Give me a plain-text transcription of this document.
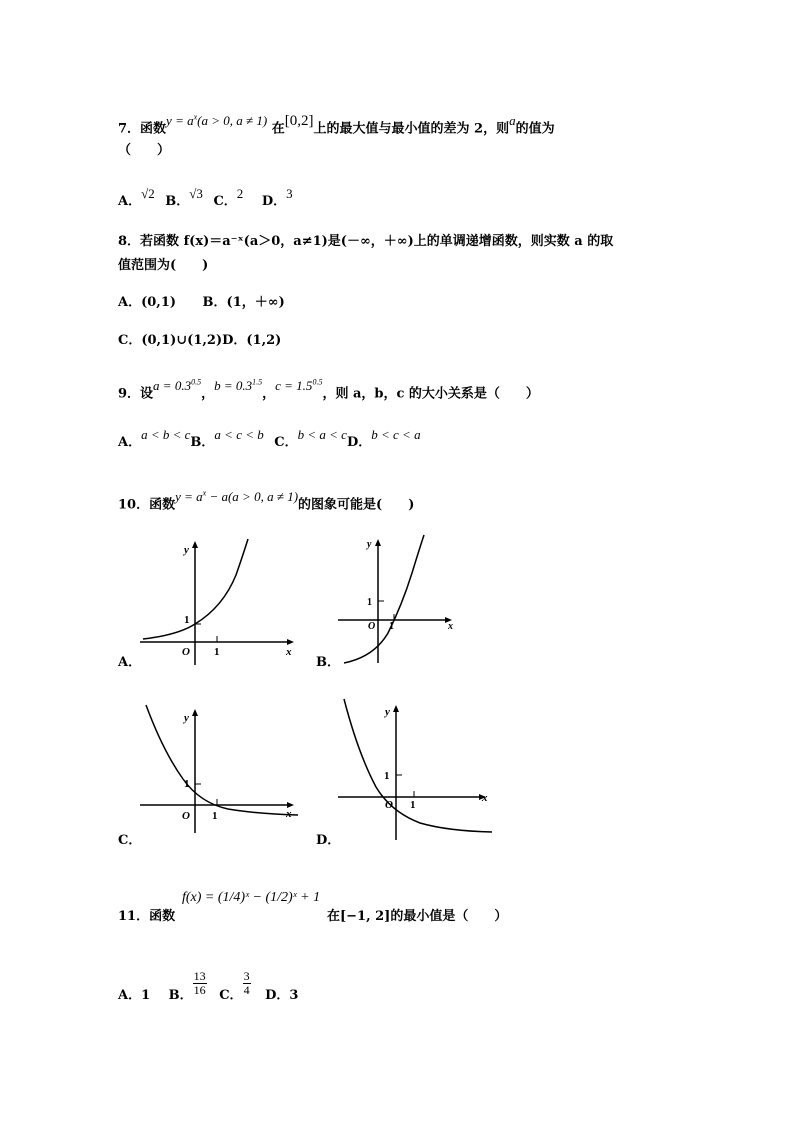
7．函数$y = a^x(a > 0$, a ≠ 1) 在[0,2]上的最大值与最小值的差为 2，则a的值为
（　　）
A．√2 B．√3 C．2 D．3
8．若函数 f(x)＝a⁻ˣ(a＞0，a≠1)是(－∞，＋∞)上的单调递增函数，则实数 a 的取
值范围为(　　)
A．(0,1) B．(1，＋∞)
C．(0,1)∪(1,2)D．(1,2)
9．设$a = 0.3^{0.5}$，$b = 0.3^{1.5}$，$c = 1.5^{0.5}$，则 a，b，c 的大小关系是（　　）
A．a < b < cB．a < c < b C．b < a < cD．b < c < a
10．函数$y = a^x - a(a > 0$, a ≠ 1)的图象可能是(　　)
y
1
O 1	x
A．
y
1
O 1	x
B．
y
1
O 1	x
C．
y
1
O 1
x
D．
11．函数
f(x) = (1/4)ˣ − (1/2)ˣ + 1
在[−1, 2]的最小值是（　　）
A．1 B． $\frac{13}{16}$ C． $\frac{3}{4}$ D．3
